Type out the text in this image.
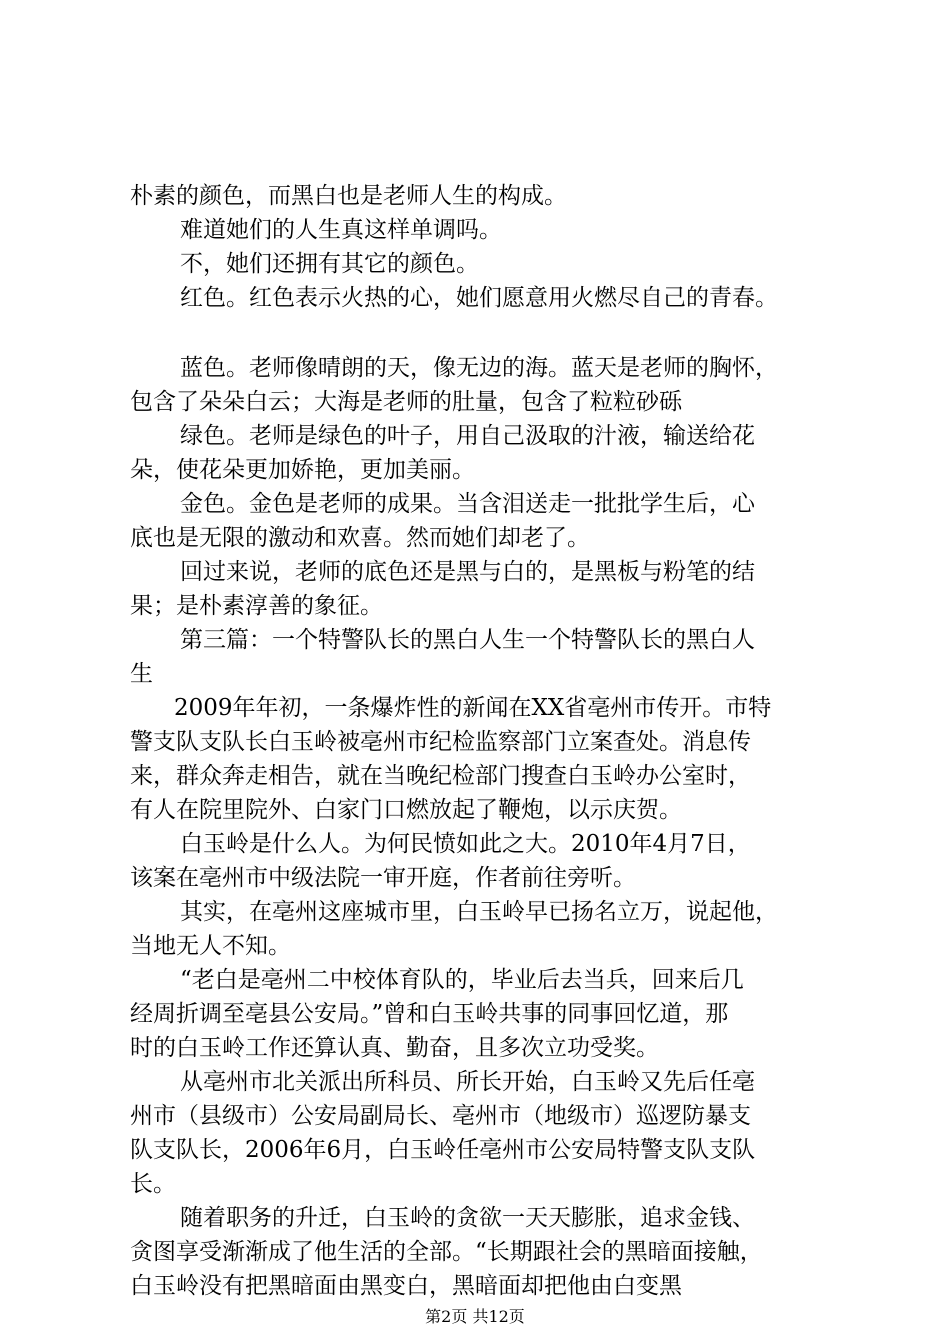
朴素的颜色，而黑白也是老师人生的构成。
难道她们的人生真这样单调吗。
不，她们还拥有其它的颜色。
红色。红色表示火热的心，她们愿意用火燃尽自己的青春。
蓝色。老师像晴朗的天，像无边的海。蓝天是老师的胸怀，
包含了朵朵白云；大海是老师的肚量，包含了粒粒砂砾
绿色。老师是绿色的叶子，用自己汲取的汁液，输送给花
朵，使花朵更加娇艳，更加美丽。
金色。金色是老师的成果。当含泪送走一批批学生后，心
底也是无限的激动和欢喜。然而她们却老了。
回过来说，老师的底色还是黑与白的，是黑板与粉笔的结
果；是朴素淳善的象征。
第三篇：一个特警队长的黑白人生一个特警队长的黑白人
生
2009年年初，一条爆炸性的新闻在XX省亳州市传开。市特
警支队支队长白玉岭被亳州市纪检监察部门立案查处。消息传
来，群众奔走相告，就在当晚纪检部门搜查白玉岭办公室时，
有人在院里院外、白家门口燃放起了鞭炮，以示庆贺。
白玉岭是什么人。为何民愤如此之大。2010年4月7日，
该案在亳州市中级法院一审开庭，作者前往旁听。
其实，在亳州这座城市里，白玉岭早已扬名立万，说起他，
当地无人不知。
“老白是亳州二中校体育队的，毕业后去当兵，回来后几
经周折调至亳县公安局。”曾和白玉岭共事的同事回忆道，那
时的白玉岭工作还算认真、勤奋，且多次立功受奖。
从亳州市北关派出所科员、所长开始，白玉岭又先后任亳
州市（县级市）公安局副局长、亳州市（地级市）巡逻防暴支
队支队长，2006年6月，白玉岭任亳州市公安局特警支队支队
长。
随着职务的升迁，白玉岭的贪欲一天天膨胀，追求金钱、
贪图享受渐渐成了他生活的全部。“长期跟社会的黑暗面接触，
白玉岭没有把黑暗面由黑变白，黑暗面却把他由白变黑
第2页 共12页
